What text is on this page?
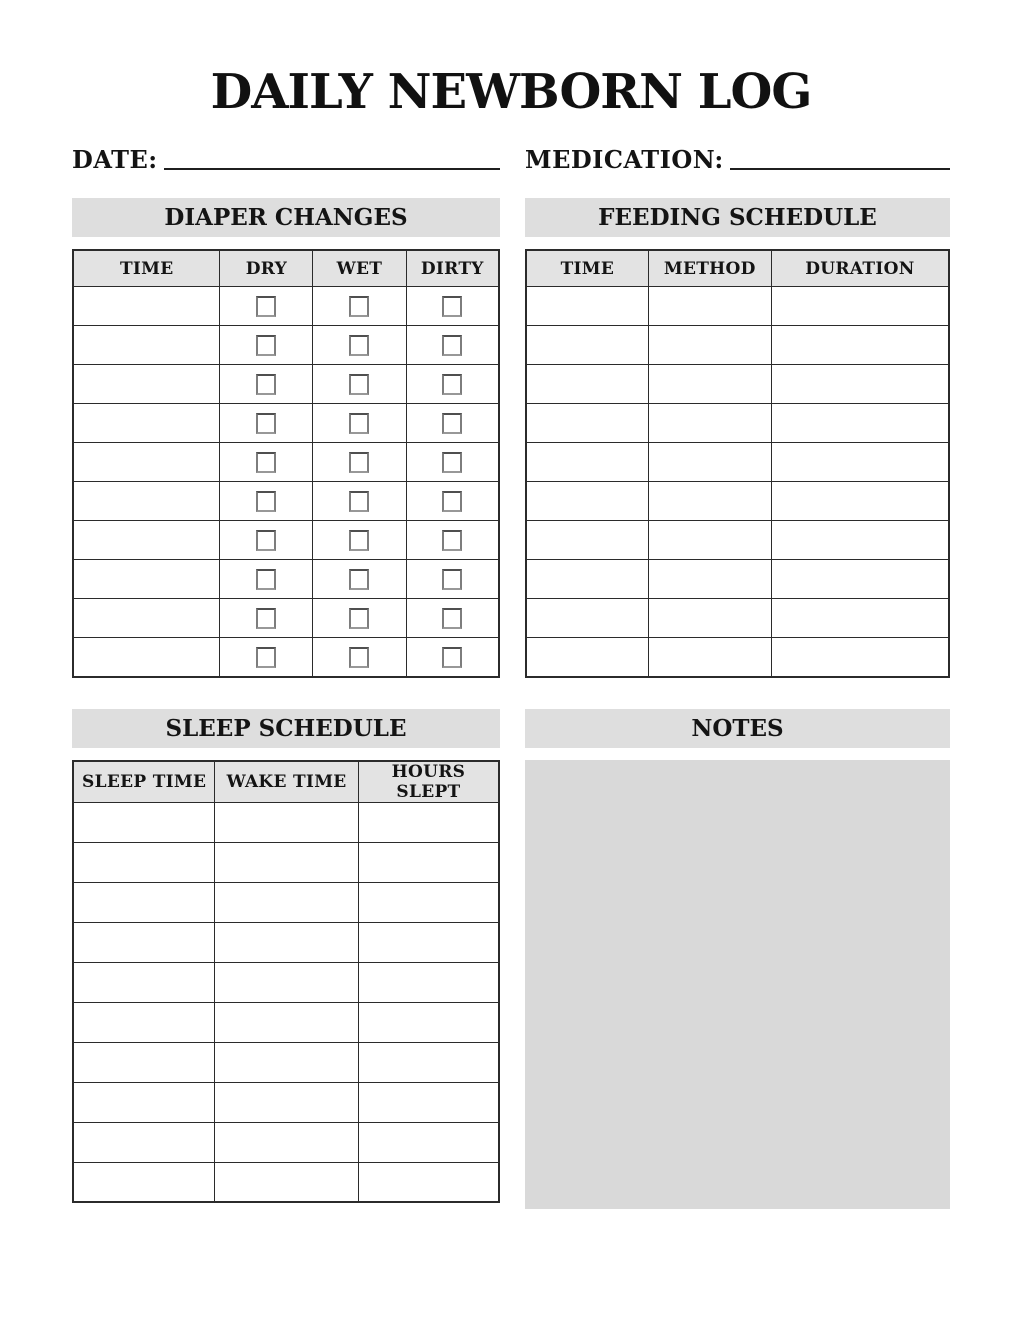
DAILY NEWBORN LOG
DATE:	MEDICATION:
DIAPER CHANGES
TIME	DRY	WET	DIRTY

FEEDING SCHEDULE
TIME	METHOD	DURATION

SLEEP SCHEDULE
SLEEP TIME	WAKE TIME	HOURS SLEPT

NOTES
